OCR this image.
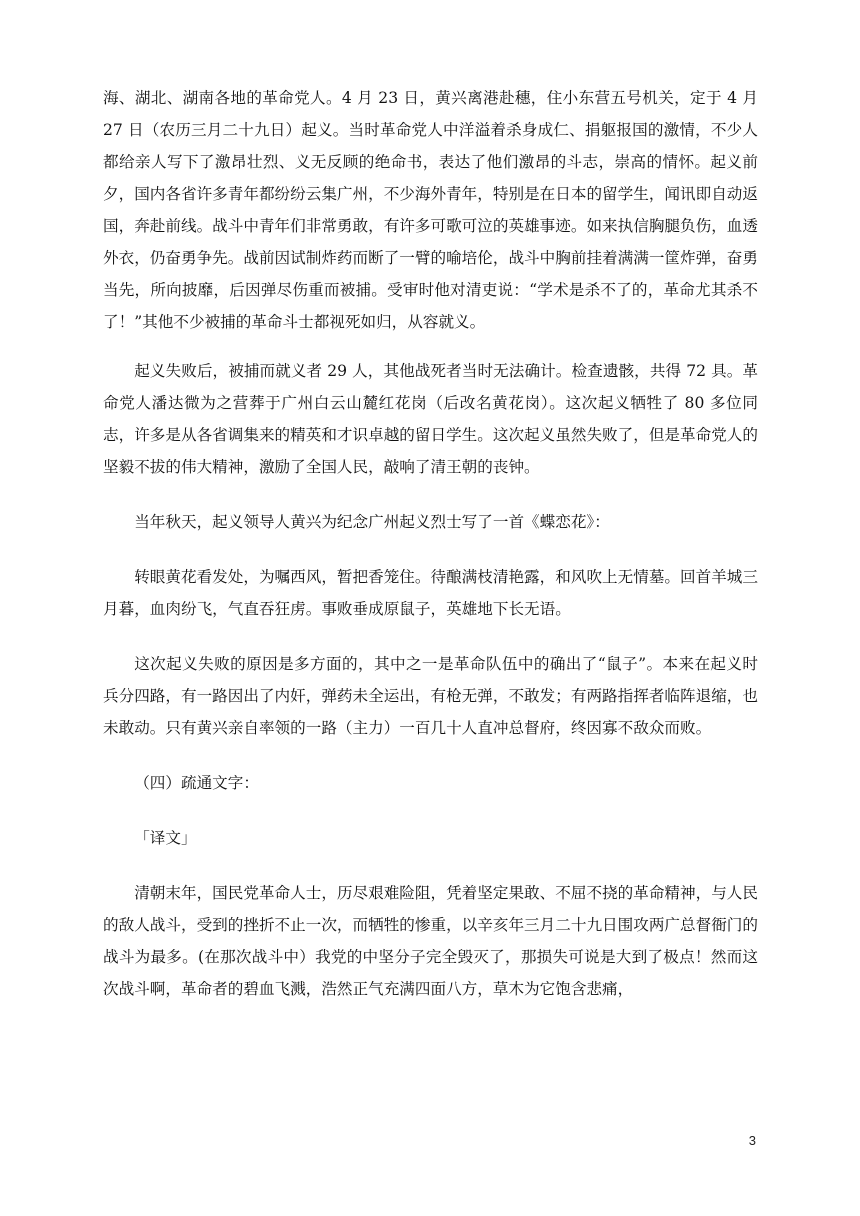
海、湖北、湖南各地的革命党人。4 月 23 日，黄兴离港赴穗，住小东营五号机关，定于 4 月 27 日（农历三月二十九日）起义。当时革命党人中洋溢着杀身成仁、捐躯报国的激情，不少人都给亲人写下了激昂壮烈、义无反顾的绝命书，表达了他们激昂的斗志，崇高的情怀。起义前夕，国内各省许多青年都纷纷云集广州，不少海外青年，特别是在日本的留学生，闻讯即自动返国，奔赴前线。战斗中青年们非常勇敢，有许多可歌可泣的英雄事迹。如来执信胸腿负伤，血透外衣，仍奋勇争先。战前因试制炸药而断了一臂的喻培伦，战斗中胸前挂着满满一筐炸弹，奋勇当先，所向披靡，后因弹尽伤重而被捕。受审时他对清吏说：“学术是杀不了的，革命尤其杀不了！”其他不少被捕的革命斗士都视死如归，从容就义。

起义失败后，被捕而就义者 29 人，其他战死者当时无法确计。检查遗骸，共得 72 具。革命党人潘达微为之营葬于广州白云山麓红花岗（后改名黄花岗）。这次起义牺牲了 80 多位同志，许多是从各省调集来的精英和才识卓越的留日学生。这次起义虽然失败了，但是革命党人的坚毅不拔的伟大精神，激励了全国人民，敲响了清王朝的丧钟。

当年秋天，起义领导人黄兴为纪念广州起义烈士写了一首《蝶恋花》：

转眼黄花看发处，为嘱西风，暂把香笼住。待酿满枝清艳露，和风吹上无情墓。回首羊城三月暮，血肉纷飞，气直吞狂虏。事败垂成原鼠子，英雄地下长无语。

这次起义失败的原因是多方面的，其中之一是革命队伍中的确出了“鼠子”。本来在起义时兵分四路，有一路因出了内奸，弹药未全运出，有枪无弹，不敢发；有两路指挥者临阵退缩，也未敢动。只有黄兴亲自率领的一路（主力）一百几十人直冲总督府，终因寡不敌众而败。

（四）疏通文字：

「译文」

清朝末年，国民党革命人士，历尽艰难险阻，凭着坚定果敢、不屈不挠的革命精神，与人民的敌人战斗，受到的挫折不止一次，而牺牲的惨重，以辛亥年三月二十九日围攻两广总督衙门的战斗为最多。(在那次战斗中）我党的中坚分子完全毁灭了，那损失可说是大到了极点！然而这次战斗啊，革命者的碧血飞溅，浩然正气充满四面八方，草木为它饱含悲痛，

3
